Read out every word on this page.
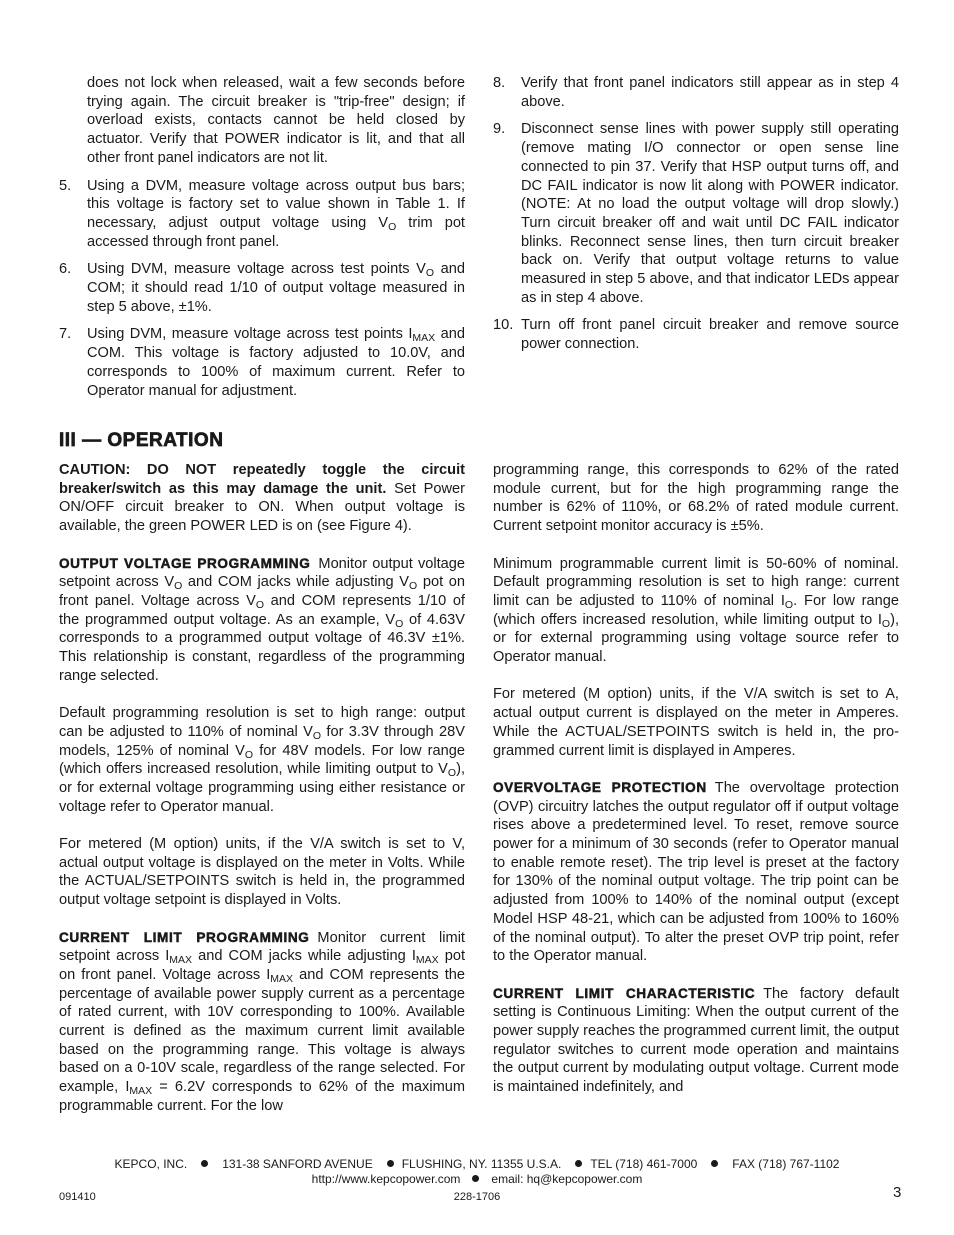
does not lock when released, wait a few seconds before trying again. The circuit breaker is "trip-free" design; if overload exists, contacts cannot be held closed by actuator. Verify that POWER indicator is lit, and that all other front panel indicators are not lit.
5. Using a DVM, measure voltage across output bus bars; this voltage is factory set to value shown in Table 1. If necessary, adjust output voltage using $V_O$ trim pot accessed through front panel.
6. Using DVM, measure voltage across test points $V_O$ and COM; it should read 1/10 of output voltage measured in step 5 above, ±1%.
7. Using DVM, measure voltage across test points $I_{MAX}$ and COM. This voltage is factory adjusted to 10.0V, and corresponds to 100% of maximum current. Refer to Operator manual for adjustment.
8. Verify that front panel indicators still appear as in step 4 above.
9. Disconnect sense lines with power supply still operating (remove mating I/O connector or open sense line connected to pin 37. Verify that HSP output turns off, and DC FAIL indicator is now lit along with POWER indicator. (NOTE: At no load the output voltage will drop slowly.) Turn circuit breaker off and wait until DC FAIL indicator blinks. Reconnect sense lines, then turn circuit breaker back on. Verify that output voltage returns to value measured in step 5 above, and that indicator LEDs appear as in step 4 above.
10. Turn off front panel circuit breaker and remove source power connection.
III — OPERATION
CAUTION: DO NOT repeatedly toggle the circuit breaker/switch as this may damage the unit. Set Power ON/OFF circuit breaker to ON. When output voltage is available, the green POWER LED is on (see Figure 4).
OUTPUT VOLTAGE PROGRAMMING Monitor output voltage setpoint across $V_O$ and COM jacks while adjusting $V_O$ pot on front panel. Voltage across $V_O$ and COM represents 1/10 of the programmed output voltage. As an example, $V_O$ of 4.63V corresponds to a programmed output voltage of 46.3V ±1%. This relationship is constant, regardless of the programming range selected.
Default programming resolution is set to high range: output can be adjusted to 110% of nominal $V_O$ for 3.3V through 28V models, 125% of nominal $V_O$ for 48V models. For low range (which offers increased resolution, while limiting output to $V_O$), or for external voltage programming using either resistance or voltage refer to Operator manual.
For metered (M option) units, if the V/A switch is set to V, actual output voltage is displayed on the meter in Volts. While the ACTUAL/SETPOINTS switch is held in, the programmed output voltage setpoint is displayed in Volts.
CURRENT LIMIT PROGRAMMING Monitor current limit setpoint across $I_{MAX}$ and COM jacks while adjusting $I_{MAX}$ pot on front panel. Voltage across $I_{MAX}$ and COM represents the percentage of available power supply current as a percentage of rated current, with 10V corresponding to 100%. Available current is defined as the maximum current limit available based on the programming range. This voltage is always based on a 0-10V scale, regardless of the range selected. For example, $I_{MAX} = 6.2V$ corresponds to 62% of the maximum programmable current. For the low
programming range, this corresponds to 62% of the rated module current, but for the high programming range the number is 62% of 110%, or 68.2% of rated module current. Current setpoint monitor accuracy is ±5%.
Minimum programmable current limit is 50-60% of nominal. Default programming resolution is set to high range: current limit can be adjusted to 110% of nominal $I_O$. For low range (which offers increased resolution, while limiting output to $I_O$), or for external programming using voltage source refer to Operator manual.
For metered (M option) units, if the V/A switch is set to A, actual output current is displayed on the meter in Amperes. While the ACTUAL/SETPOINTS switch is held in, the programmed current limit is displayed in Amperes.
OVERVOLTAGE PROTECTION The overvoltage protection (OVP) circuitry latches the output regulator off if output voltage rises above a predetermined level. To reset, remove source power for a minimum of 30 seconds (refer to Operator manual to enable remote reset). The trip level is preset at the factory for 130% of the nominal output voltage. The trip point can be adjusted from 100% to 140% of the nominal output (except Model HSP 48-21, which can be adjusted from 100% to 160% of the nominal output). To alter the preset OVP trip point, refer to the Operator manual.
CURRENT LIMIT CHARACTERISTIC The factory default setting is Continuous Limiting: When the output current of the power supply reaches the programmed current limit, the output regulator switches to current mode operation and maintains the output current by modulating output voltage. Current mode is maintained indefinitely, and
KEPCO, INC.	131-38 SANFORD AVENUE FLUSHING, NY. 11355 U.S.A. TEL (718) 461-7000	FAX (718) 767-1102
http://www.kepcopower.com	email: hq@kepcopower.com
091410	228-1706	3
